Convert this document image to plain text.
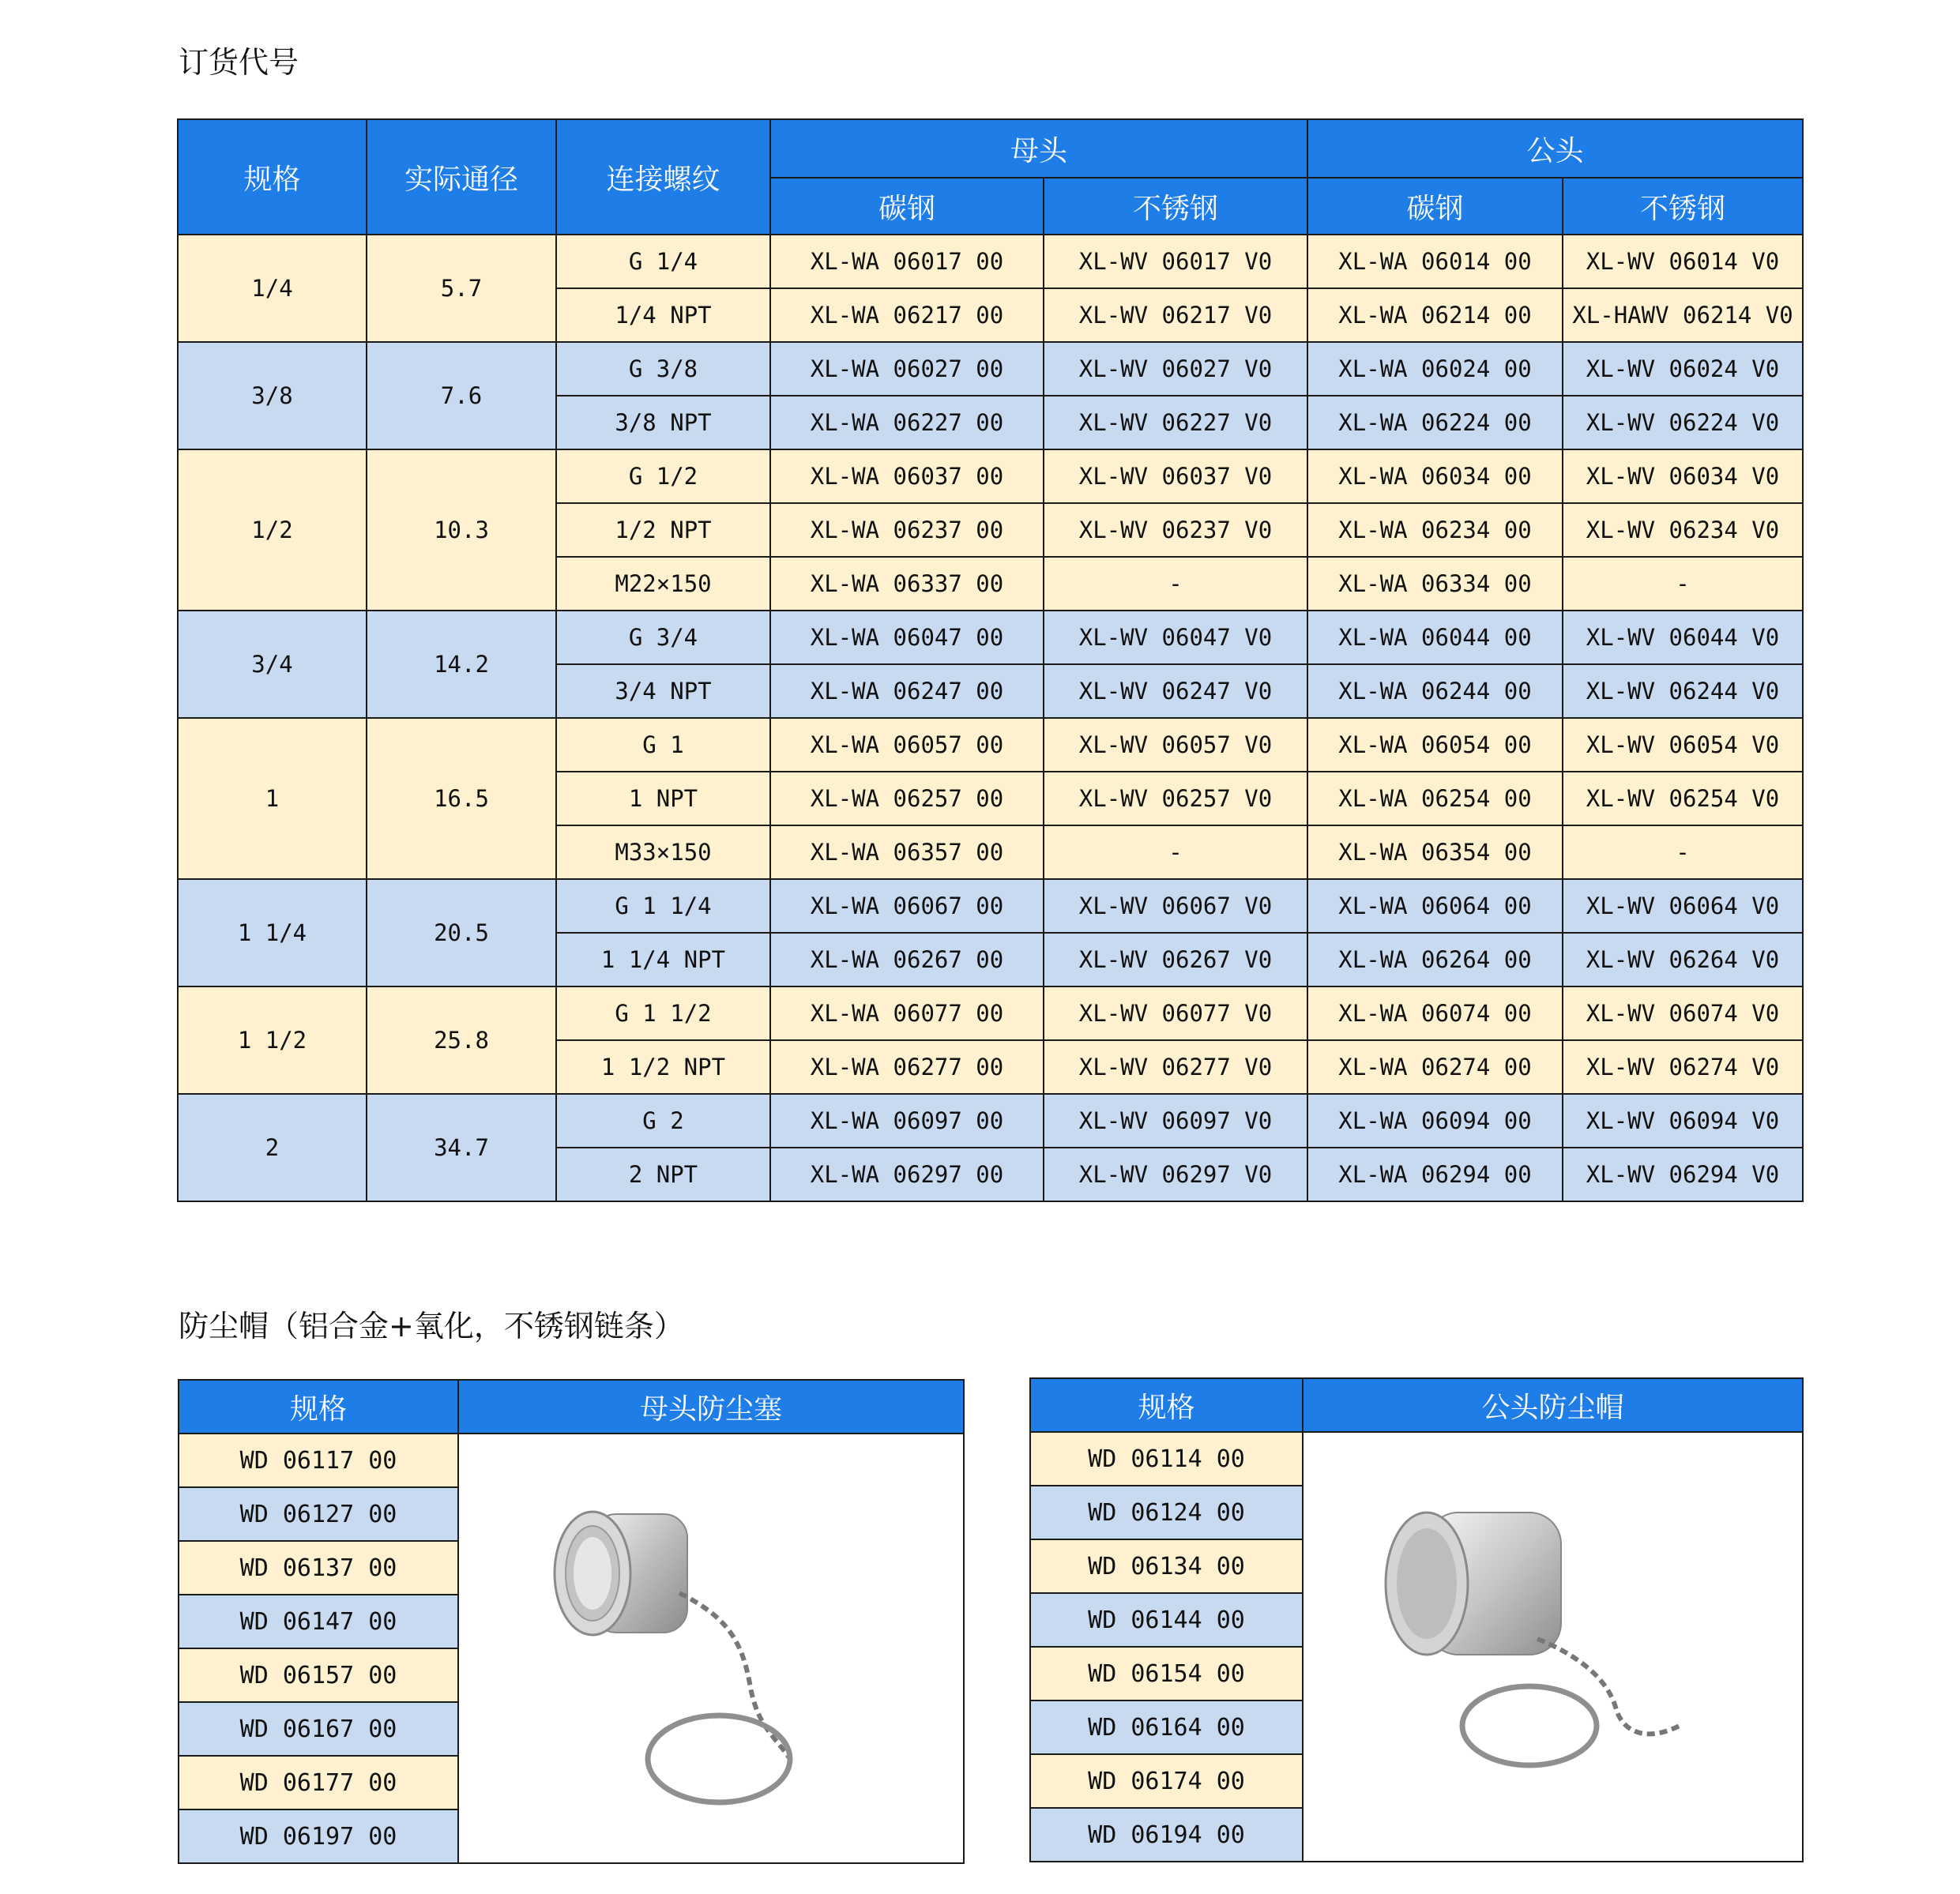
订货代号
规格	实际通径	连接螺纹	母头		公头	
			碳钢	不锈钢	碳钢	不锈钢
1/4	5.7	G 1/4	XL-WA 06017 00	XL-WV 06017 V0	XL-WA 06014 00	XL-WV 06014 V0
		1/4 NPT	XL-WA 06217 00	XL-WV 06217 V0	XL-WA 06214 00	XL-HAWV 06214 V0
3/8	7.6	G 3/8	XL-WA 06027 00	XL-WV 06027 V0	XL-WA 06024 00	XL-WV 06024 V0
		3/8 NPT	XL-WA 06227 00	XL-WV 06227 V0	XL-WA 06224 00	XL-WV 06224 V0
1/2	10.3	G 1/2	XL-WA 06037 00	XL-WV 06037 V0	XL-WA 06034 00	XL-WV 06034 V0
		1/2 NPT	XL-WA 06237 00	XL-WV 06237 V0	XL-WA 06234 00	XL-WV 06234 V0
		M22×150	XL-WA 06337 00	-	XL-WA 06334 00	-
3/4	14.2	G 3/4	XL-WA 06047 00	XL-WV 06047 V0	XL-WA 06044 00	XL-WV 06044 V0
		3/4 NPT	XL-WA 06247 00	XL-WV 06247 V0	XL-WA 06244 00	XL-WV 06244 V0
1	16.5	G 1	XL-WA 06057 00	XL-WV 06057 V0	XL-WA 06054 00	XL-WV 06054 V0
		1 NPT	XL-WA 06257 00	XL-WV 06257 V0	XL-WA 06254 00	XL-WV 06254 V0
		M33×150	XL-WA 06357 00	-	XL-WA 06354 00	-
1 1/4	20.5	G 1 1/4	XL-WA 06067 00	XL-WV 06067 V0	XL-WA 06064 00	XL-WV 06064 V0
		1 1/4 NPT	XL-WA 06267 00	XL-WV 06267 V0	XL-WA 06264 00	XL-WV 06264 V0
1 1/2	25.8	G 1 1/2	XL-WA 06077 00	XL-WV 06077 V0	XL-WA 06074 00	XL-WV 06074 V0
		1 1/2 NPT	XL-WA 06277 00	XL-WV 06277 V0	XL-WA 06274 00	XL-WV 06274 V0
2	34.7	G 2	XL-WA 06097 00	XL-WV 06097 V0	XL-WA 06094 00	XL-WV 06094 V0
		2 NPT	XL-WA 06297 00	XL-WV 06297 V0	XL-WA 06294 00	XL-WV 06294 V0
防尘帽（铝合金+氧化，不锈钢链条）
规格	母头防尘塞
WD 06117 00	

WD 06127 00	
WD 06137 00	
WD 06147 00	
WD 06157 00	
WD 06167 00	
WD 06177 00	
WD 06197 00	
规格	公头防尘帽
WD 06114 00	

WD 06124 00	
WD 06134 00	
WD 06144 00	
WD 06154 00	
WD 06164 00	
WD 06174 00	
WD 06194 00	
